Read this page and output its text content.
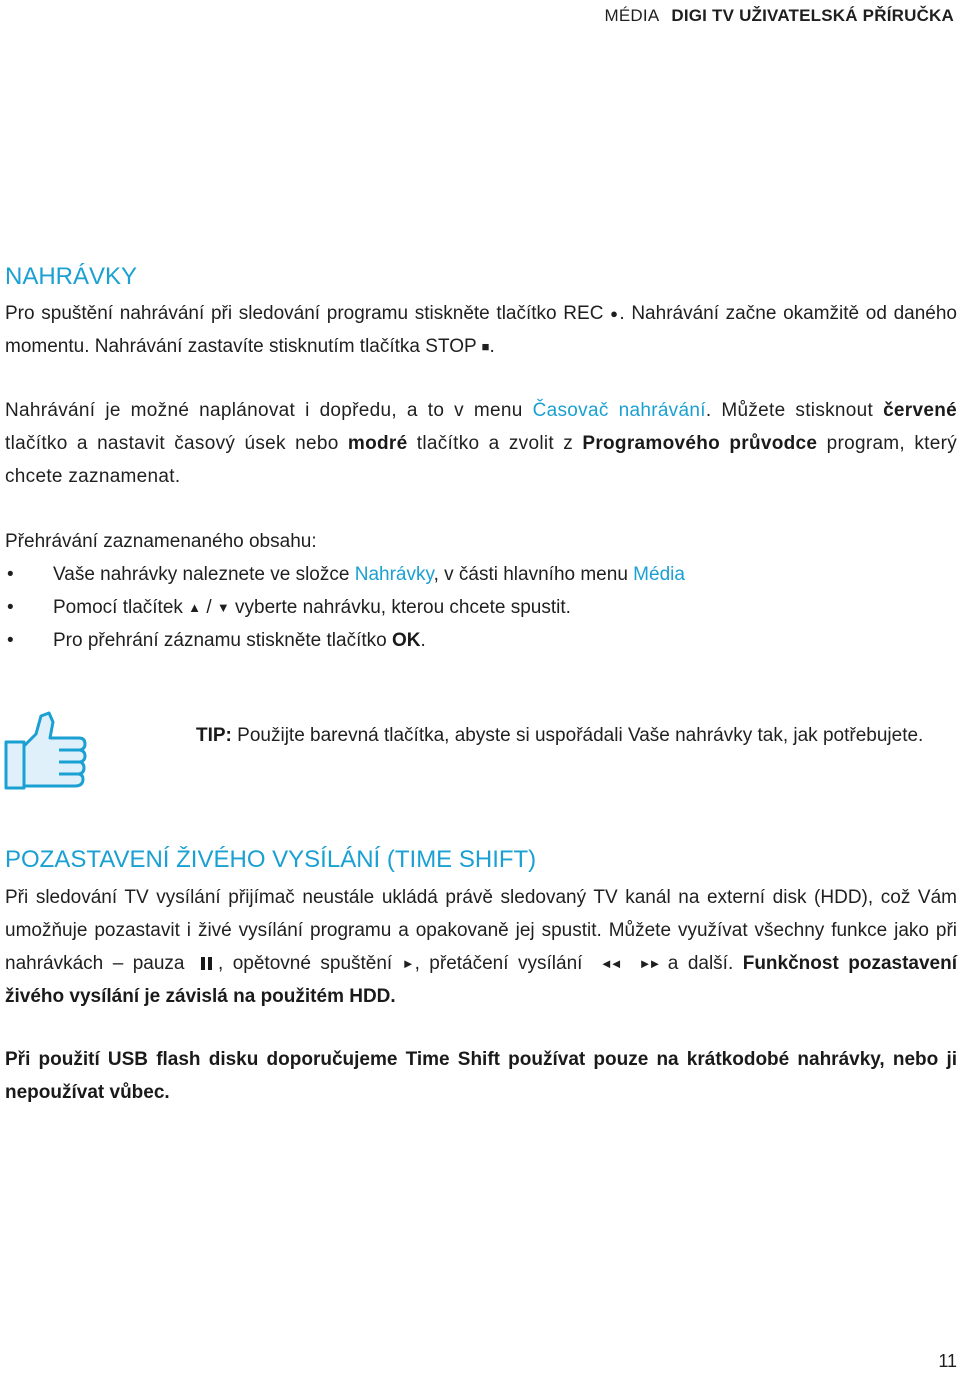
MÉDIA DIGI TV UŽIVATELSKÁ PŘÍRUČKA
NAHRÁVKY

Pro spuštění nahrávání při sledování programu stiskněte tlačítko REC ●. Nahrávání začne okamžitě od daného momentu. Nahrávání zastavíte stisknutím tlačítka STOP ■.

Nahrávání je možné naplánovat i dopředu, a to v menu Časovač nahrávání. Můžete stisknout červené tlačítko a nastavit časový úsek nebo modré tlačítko a zvolit z Programového průvodce program, který chcete zaznamenat.

Přehrávání zaznamenaného obsahu:

• Vaše nahrávky naleznete ve složce Nahrávky, v části hlavního menu Média
• Pomocí tlačítek ▲ / ▼ vyberte nahrávku, kterou chcete spustit.
• Pro přehrání záznamu stiskněte tlačítko OK.

TIP: Použijte barevná tlačítka, abyste si uspořádali Vaše nahrávky tak, jak potřebujete.

POZASTAVENÍ ŽIVÉHO VYSÍLÁNÍ (TIME SHIFT)

Při sledování TV vysílání přijímač neustále ukládá právě sledovaný TV kanál na externí disk (HDD), což Vám umožňuje pozastavit i živé vysílání programu a opakovaně jej spustit. Můžete využívat všechny funkce jako při nahrávkách – pauza , opětovné spuštění ►, přetáčení vysílání ◄◄ ►► a další. Funkčnost pozastavení živého vysílání je závislá na použitém HDD.

Při použití USB flash disku doporučujeme Time Shift používat pouze na krátkodobé nahrávky, nebo ji nepoužívat vůbec.

11
